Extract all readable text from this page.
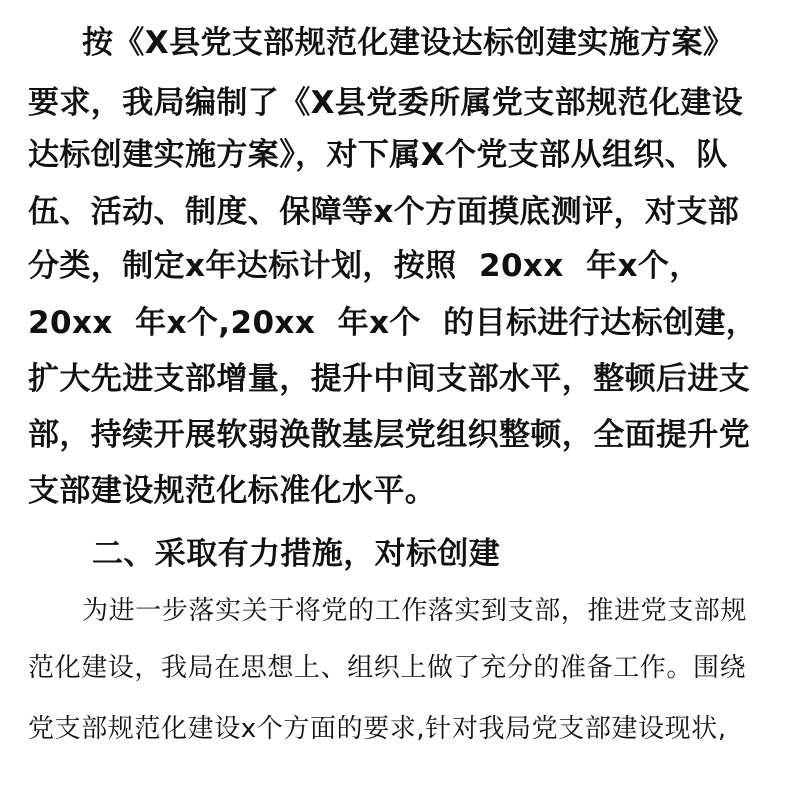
按《X县党支部规范化建设达标创建实施方案》
要求，我局编制了《X县党委所属党支部规范化建设
达标创建实施方案》，对下属X个党支部从组织、队
伍、活动、制度、保障等x个方面摸底测评，对支部
分类，制定x年达标计划，按照  20xx  年x个，
20xx  年x个,20xx  年x个  的目标进行达标创建，
扩大先进支部增量，提升中间支部水平，整顿后进支
部，持续开展软弱涣散基层党组织整顿，全面提升党
支部建设规范化标准化水平。
二、采取有力措施，对标创建
为进一步落实关于将党的工作落实到支部，推进党支部规
范化建设，我局在思想上、组织上做了充分的准备工作。围绕
党支部规范化建设x个方面的要求,针对我局党支部建设现状,
